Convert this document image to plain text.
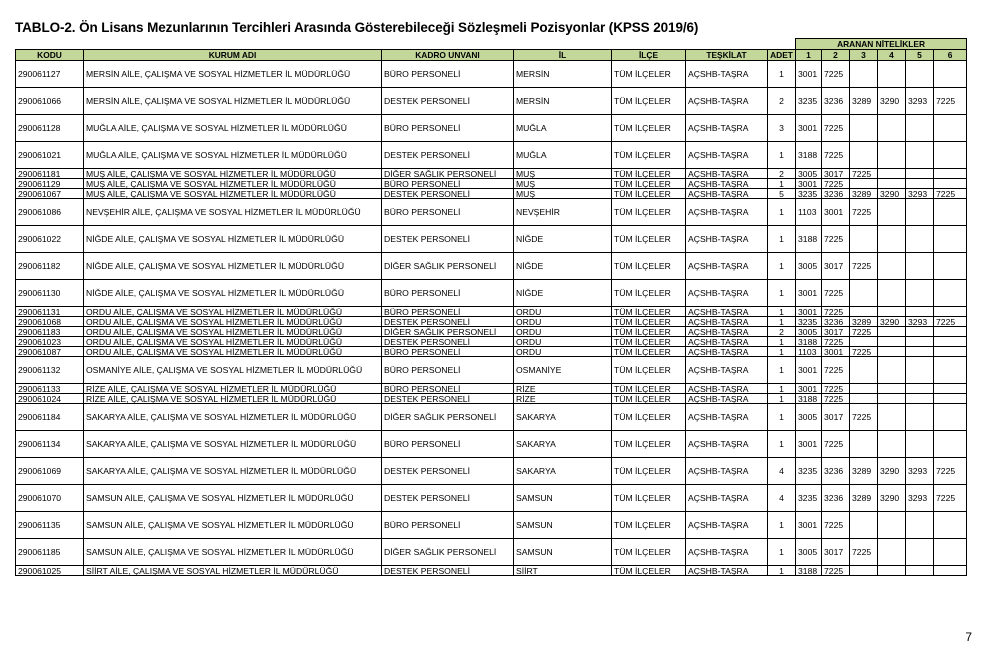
TABLO-2. Ön Lisans Mezunlarının Tercihleri Arasında Gösterebileceği Sözleşmeli Pozisyonlar (KPSS 2019/6)
							ARANAN NİTELİKLER					
KODU	KURUM ADI	KADRO UNVANI	İL	İLÇE	TEŞKİLAT	ADET	1	2	3	4	5	6
290061127	MERSİN AİLE, ÇALIŞMA VE SOSYAL HİZMETLER İL MÜDÜRLÜĞÜ	BÜRO PERSONELİ	MERSİN	TÜM İLÇELER	AÇSHB-TAŞRA	1	3001	7225				
290061066	MERSİN AİLE, ÇALIŞMA VE SOSYAL HİZMETLER İL MÜDÜRLÜĞÜ	DESTEK PERSONELİ	MERSİN	TÜM İLÇELER	AÇSHB-TAŞRA	2	3235	3236	3289	3290	3293	7225
290061128	MUĞLA AİLE, ÇALIŞMA VE SOSYAL HİZMETLER İL MÜDÜRLÜĞÜ	BÜRO PERSONELİ	MUĞLA	TÜM İLÇELER	AÇSHB-TAŞRA	3	3001	7225				
290061021	MUĞLA AİLE, ÇALIŞMA VE SOSYAL HİZMETLER İL MÜDÜRLÜĞÜ	DESTEK PERSONELİ	MUĞLA	TÜM İLÇELER	AÇSHB-TAŞRA	1	3188	7225				
290061181	MUŞ AİLE, ÇALIŞMA VE SOSYAL HİZMETLER İL MÜDÜRLÜĞÜ	DİĞER SAĞLIK PERSONELİ	MUŞ	TÜM İLÇELER	AÇSHB-TAŞRA	2	3005	3017	7225			
290061129	MUŞ AİLE, ÇALIŞMA VE SOSYAL HİZMETLER İL MÜDÜRLÜĞÜ	BÜRO PERSONELİ	MUŞ	TÜM İLÇELER	AÇSHB-TAŞRA	1	3001	7225				
290061067	MUŞ AİLE, ÇALIŞMA VE SOSYAL HİZMETLER İL MÜDÜRLÜĞÜ	DESTEK PERSONELİ	MUŞ	TÜM İLÇELER	AÇSHB-TAŞRA	5	3235	3236	3289	3290	3293	7225
290061086	NEVŞEHİR AİLE, ÇALIŞMA VE SOSYAL HİZMETLER İL MÜDÜRLÜĞÜ	BÜRO PERSONELİ	NEVŞEHİR	TÜM İLÇELER	AÇSHB-TAŞRA	1	1103	3001	7225			
290061022	NİĞDE AİLE, ÇALIŞMA VE SOSYAL HİZMETLER İL MÜDÜRLÜĞÜ	DESTEK PERSONELİ	NİĞDE	TÜM İLÇELER	AÇSHB-TAŞRA	1	3188	7225				
290061182	NİĞDE AİLE, ÇALIŞMA VE SOSYAL HİZMETLER İL MÜDÜRLÜĞÜ	DİĞER SAĞLIK PERSONELİ	NİĞDE	TÜM İLÇELER	AÇSHB-TAŞRA	1	3005	3017	7225			
290061130	NİĞDE AİLE, ÇALIŞMA VE SOSYAL HİZMETLER İL MÜDÜRLÜĞÜ	BÜRO PERSONELİ	NİĞDE	TÜM İLÇELER	AÇSHB-TAŞRA	1	3001	7225				
290061131	ORDU AİLE, ÇALIŞMA VE SOSYAL HİZMETLER İL MÜDÜRLÜĞÜ	BÜRO PERSONELİ	ORDU	TÜM İLÇELER	AÇSHB-TAŞRA	1	3001	7225				
290061068	ORDU AİLE, ÇALIŞMA VE SOSYAL HİZMETLER İL MÜDÜRLÜĞÜ	DESTEK PERSONELİ	ORDU	TÜM İLÇELER	AÇSHB-TAŞRA	1	3235	3236	3289	3290	3293	7225
290061183	ORDU AİLE, ÇALIŞMA VE SOSYAL HİZMETLER İL MÜDÜRLÜĞÜ	DİĞER SAĞLIK PERSONELİ	ORDU	TÜM İLÇELER	AÇSHB-TAŞRA	2	3005	3017	7225			
290061023	ORDU AİLE, ÇALIŞMA VE SOSYAL HİZMETLER İL MÜDÜRLÜĞÜ	DESTEK PERSONELİ	ORDU	TÜM İLÇELER	AÇSHB-TAŞRA	1	3188	7225				
290061087	ORDU AİLE, ÇALIŞMA VE SOSYAL HİZMETLER İL MÜDÜRLÜĞÜ	BÜRO PERSONELİ	ORDU	TÜM İLÇELER	AÇSHB-TAŞRA	1	1103	3001	7225			
290061132	OSMANİYE AİLE, ÇALIŞMA VE SOSYAL HİZMETLER İL MÜDÜRLÜĞÜ	BÜRO PERSONELİ	OSMANİYE	TÜM İLÇELER	AÇSHB-TAŞRA	1	3001	7225				
290061133	RİZE AİLE, ÇALIŞMA VE SOSYAL HİZMETLER İL MÜDÜRLÜĞÜ	BÜRO PERSONELİ	RİZE	TÜM İLÇELER	AÇSHB-TAŞRA	1	3001	7225				
290061024	RİZE AİLE, ÇALIŞMA VE SOSYAL HİZMETLER İL MÜDÜRLÜĞÜ	DESTEK PERSONELİ	RİZE	TÜM İLÇELER	AÇSHB-TAŞRA	1	3188	7225				
290061184	SAKARYA AİLE, ÇALIŞMA VE SOSYAL HİZMETLER İL MÜDÜRLÜĞÜ	DİĞER SAĞLIK PERSONELİ	SAKARYA	TÜM İLÇELER	AÇSHB-TAŞRA	1	3005	3017	7225			
290061134	SAKARYA AİLE, ÇALIŞMA VE SOSYAL HİZMETLER İL MÜDÜRLÜĞÜ	BÜRO PERSONELİ	SAKARYA	TÜM İLÇELER	AÇSHB-TAŞRA	1	3001	7225				
290061069	SAKARYA AİLE, ÇALIŞMA VE SOSYAL HİZMETLER İL MÜDÜRLÜĞÜ	DESTEK PERSONELİ	SAKARYA	TÜM İLÇELER	AÇSHB-TAŞRA	4	3235	3236	3289	3290	3293	7225
290061070	SAMSUN AİLE, ÇALIŞMA VE SOSYAL HİZMETLER İL MÜDÜRLÜĞÜ	DESTEK PERSONELİ	SAMSUN	TÜM İLÇELER	AÇSHB-TAŞRA	4	3235	3236	3289	3290	3293	7225
290061135	SAMSUN AİLE, ÇALIŞMA VE SOSYAL HİZMETLER İL MÜDÜRLÜĞÜ	BÜRO PERSONELİ	SAMSUN	TÜM İLÇELER	AÇSHB-TAŞRA	1	3001	7225				
290061185	SAMSUN AİLE, ÇALIŞMA VE SOSYAL HİZMETLER İL MÜDÜRLÜĞÜ	DİĞER SAĞLIK PERSONELİ	SAMSUN	TÜM İLÇELER	AÇSHB-TAŞRA	1	3005	3017	7225			
290061025	SİİRT AİLE, ÇALIŞMA VE SOSYAL HİZMETLER İL MÜDÜRLÜĞÜ	DESTEK PERSONELİ	SİİRT	TÜM İLÇELER	AÇSHB-TAŞRA	1	3188	7225				
7
